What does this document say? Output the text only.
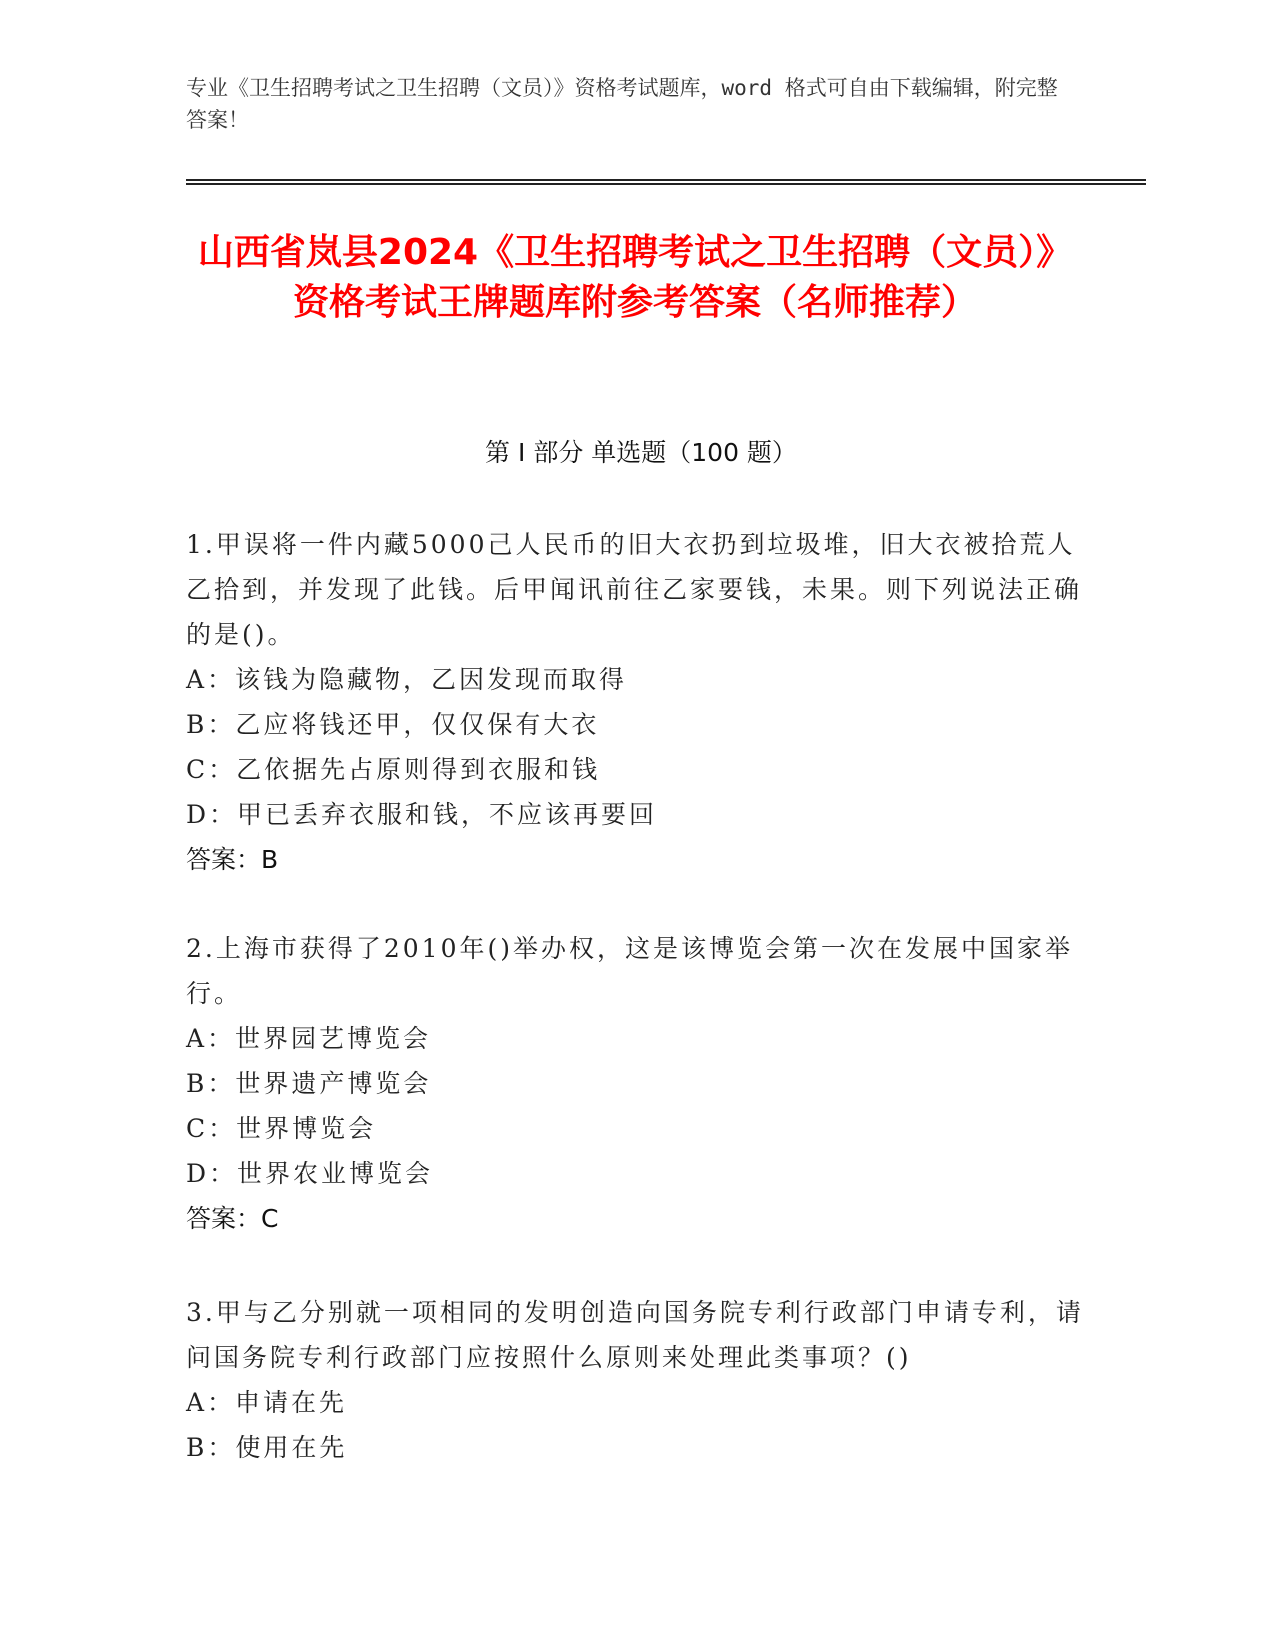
专业《卫生招聘考试之卫生招聘（文员）》资格考试题库，word 格式可自由下载编辑，附完整答案！
山西省岚县2024《卫生招聘考试之卫生招聘（文员）》资格考试王牌题库附参考答案（名师推荐）
第 I 部分 单选题（100 题）

1.甲误将一件内藏5000己人民币的旧大衣扔到垃圾堆，旧大衣被拾荒人乙拾到，并发现了此钱。后甲闻讯前往乙家要钱，未果。则下列说法正确的是()。

A：该钱为隐藏物，乙因发现而取得

B：乙应将钱还甲，仅仅保有大衣

C：乙依据先占原则得到衣服和钱

D：甲已丢弃衣服和钱，不应该再要回

答案：B

2.上海市获得了2010年()举办权，这是该博览会第一次在发展中国家举行。

A：世界园艺博览会

B：世界遗产博览会

C：世界博览会

D：世界农业博览会

答案：C

3.甲与乙分别就一项相同的发明创造向国务院专利行政部门申请专利，请问国务院专利行政部门应按照什么原则来处理此类事项？()

A：申请在先

B：使用在先
